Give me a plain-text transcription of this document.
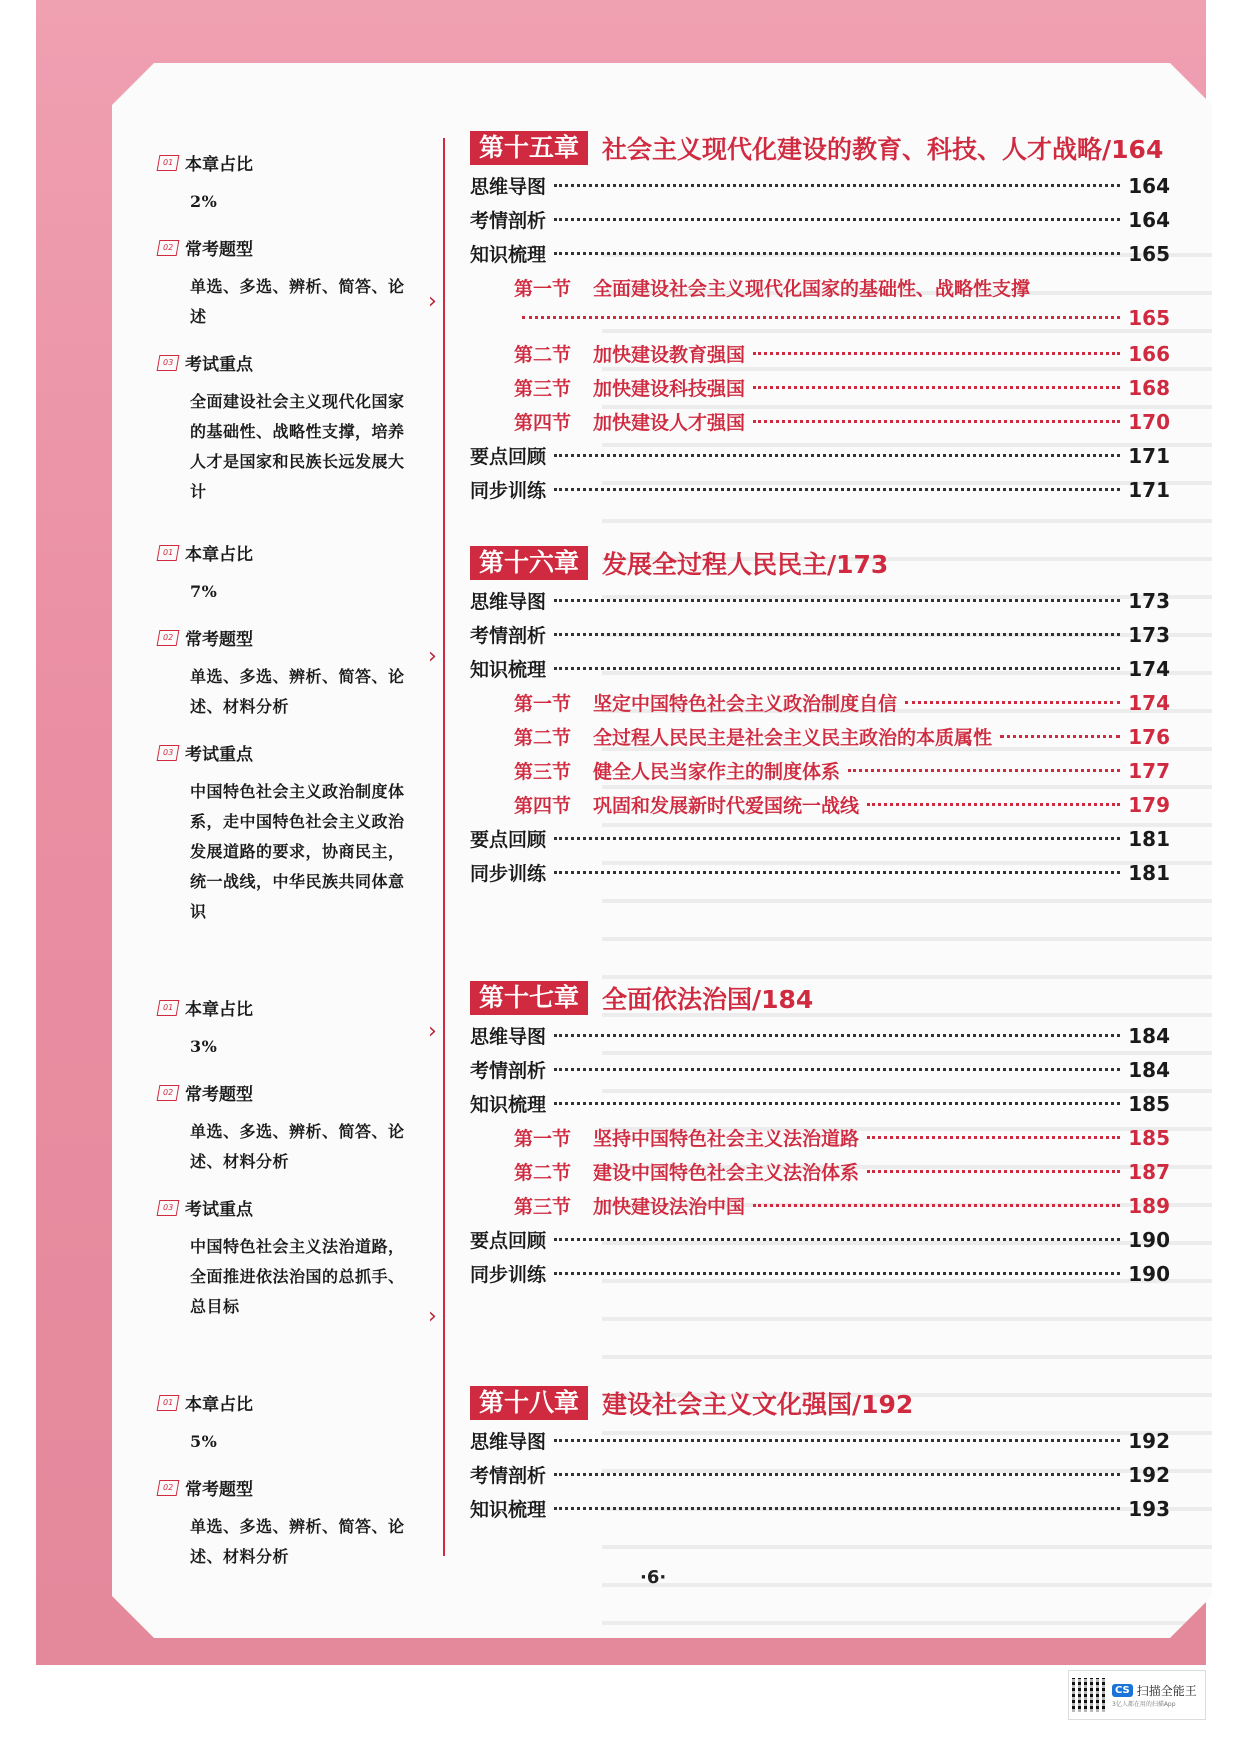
›
›
›
›
01 本章占比
2%
02 常考题型
单选、多选、辨析、简答、论述
03 考试重点
全面建设社会主义现代化国家的基础性、战略性支撑，培养人才是国家和民族长远发展大计
01 本章占比
7%
02 常考题型
单选、多选、辨析、简答、论述、材料分析
03 考试重点
中国特色社会主义政治制度体系，走中国特色社会主义政治发展道路的要求，协商民主，统一战线，中华民族共同体意识
01 本章占比
3%
02 常考题型
单选、多选、辨析、简答、论述、材料分析
03 考试重点
中国特色社会主义法治道路，全面推进依法治国的总抓手、总目标
01 本章占比
5%
02 常考题型
单选、多选、辨析、简答、论述、材料分析
第十五章 社会主义现代化建设的教育、科技、人才战略/164
思维导图	164
考情剖析	164
知识梳理	165
第一节 全面建设社会主义现代化国家的基础性、战略性支撑
165
第二节 加快建设教育强国	166
第三节 加快建设科技强国	168
第四节 加快建设人才强国	170
要点回顾	171
同步训练	171
第十六章 发展全过程人民民主/173
思维导图	173
考情剖析	173
知识梳理	174
第一节 坚定中国特色社会主义政治制度自信	174
第二节 全过程人民民主是社会主义民主政治的本质属性	176
第三节 健全人民当家作主的制度体系	177
第四节 巩固和发展新时代爱国统一战线	179
要点回顾	181
同步训练	181
第十七章 全面依法治国/184
思维导图	184
考情剖析	184
知识梳理	185
第一节 坚持中国特色社会主义法治道路	185
第二节 建设中国特色社会主义法治体系	187
第三节 加快建设法治中国	189
要点回顾	190
同步训练	190
第十八章 建设社会主义文化强国/192
思维导图	192
考情剖析	192
知识梳理	193
·6·
CS 扫描全能王
3亿人都在用的扫描App
